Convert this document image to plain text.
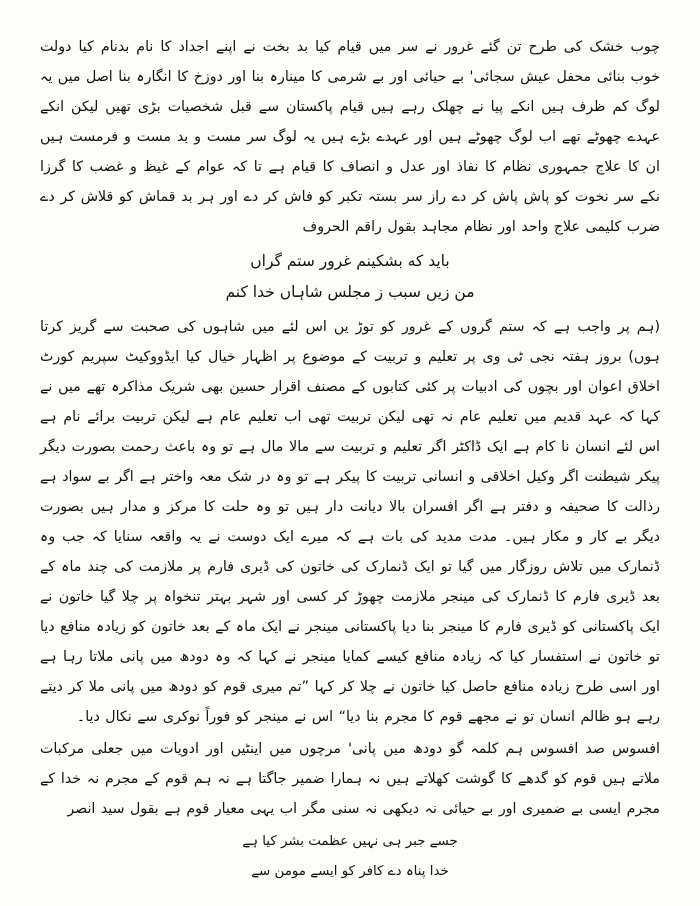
چوب خشک کی طرح تن گئے غرور نے سر میں قیام کیا بد بخت نے اپنے اجداد کا نام بدنام کیا دولت خوب بنائی محفل عیش سجائی' بے حیائی اور بے شرمی کا مینارہ بنا اور دوزخ کا انگارہ بنا اصل میں یہ لوگ کم ظرف ہیں انکے پیا نے چھلک رہے ہیں قیام پاکستان سے قبل شخصیات بڑی تھیں لیکن انکے عہدے چھوٹے تھے اب لوگ چھوٹے ہیں اور عہدے بڑے ہیں یہ لوگ سر مست و بد مست و فرمست ہیں ان کا علاج جمہوری نظام کا نفاذ اور عدل و انصاف کا قیام ہے تا کہ عوام کے غیظ و غضب کا گرزا نکے سر نخوت کو پاش پاش کر دے راز سر بستہ تکبر کو فاش کر دے اور ہر بد قماش کو قلاش کر دے ضرب کلیمی علاج واحد اور نظام مجاہد بقول راقم الحروف

باید که بشکینم غرور ستم گراں
من زیں سبب ز مجلس شاہاں خدا کنم

(ہم پر واجب ہے کہ ستم گروں کے غرور کو توڑ یں اس لئے میں شاہوں کی صحبت سے گریز کرتا ہوں) بروز ہفتہ نجی ٹی وی پر تعلیم و تربیت کے موضوع پر اظہار خیال کیا ایڈووکیٹ سپریم کورٹ اخلاق اعوان اور بچوں کی ادبیات پر کئی کتابوں کے مصنف اقرار حسین بھی شریک مذاکرہ تھے میں نے کہا کہ عہد قدیم میں تعلیم عام نہ تھی لیکن تربیت تھی اب تعلیم عام ہے لیکن تربیت برائے نام ہے اس لئے انسان نا کام ہے ایک ڈاکٹر اگر تعلیم و تربیت سے مالا مال ہے تو وہ باعث رحمت بصورت دیگر پیکر شیطنت اگر وکیل اخلاقی و انسانی تربیت کا پیکر ہے تو وہ در شک معہ واختر ہے اگر بے سواد ہے رذالت کا صحیفہ و دفتر ہے اگر افسران بالا دیانت دار ہیں تو وہ حلت کا مرکز و مدار ہیں بصورت دیگر بے کار و مکار ہیں۔ مدت مدید کی بات ہے کہ میرے ایک دوست نے یہ واقعہ سنایا کہ جب وہ ڈنمارک میں تلاش روزگار میں گیا تو ایک ڈنمارک کی خاتون کی ڈیری فارم پر ملازمت کی چند ماہ کے بعد ڈیری فارم کا ڈنمارک کی مینجر ملازمت چھوڑ کر کسی اور شہر بہتر تنخواہ پر چلا گیا خاتون نے ایک پاکستانی کو ڈیری فارم کا مینجر بنا دیا پاکستانی مینجر نے ایک ماہ کے بعد خاتون کو زیادہ منافع دیا تو خاتون نے استفسار کیا کہ زیادہ منافع کیسے کمایا مینجر نے کہا کہ وہ دودھ میں پانی ملاتا رہا ہے اور اسی طرح زیادہ منافع حاصل کیا خاتون نے چلا کر کہا ”تم میری قوم کو دودھ میں پانی ملا کر دیتے رہے ہو ظالم انسان تو نے مجھے قوم کا مجرم بنا دیا“ اس نے مینجر کو فوراً نوکری سے نکال دیا۔

افسوس صد افسوس ہم کلمہ گو دودھ میں پانی' مرچوں میں اینٹیں اور ادویات میں جعلی مرکبات ملاتے ہیں قوم کو گدھے کا گوشت کھلاتے ہیں نہ ہمارا ضمیر جاگتا ہے نہ ہم قوم کے مجرم نہ خدا کے مجرم ایسی بے ضمیری اور بے حیائی نہ دیکھی نہ سنی مگر اب یہی معیار قوم ہے بقول سید انصر

جسے جبر ہی نہیں عظمت بشر کیا ہے
خدا پناہ دے کافر کو ایسے مومن سے
